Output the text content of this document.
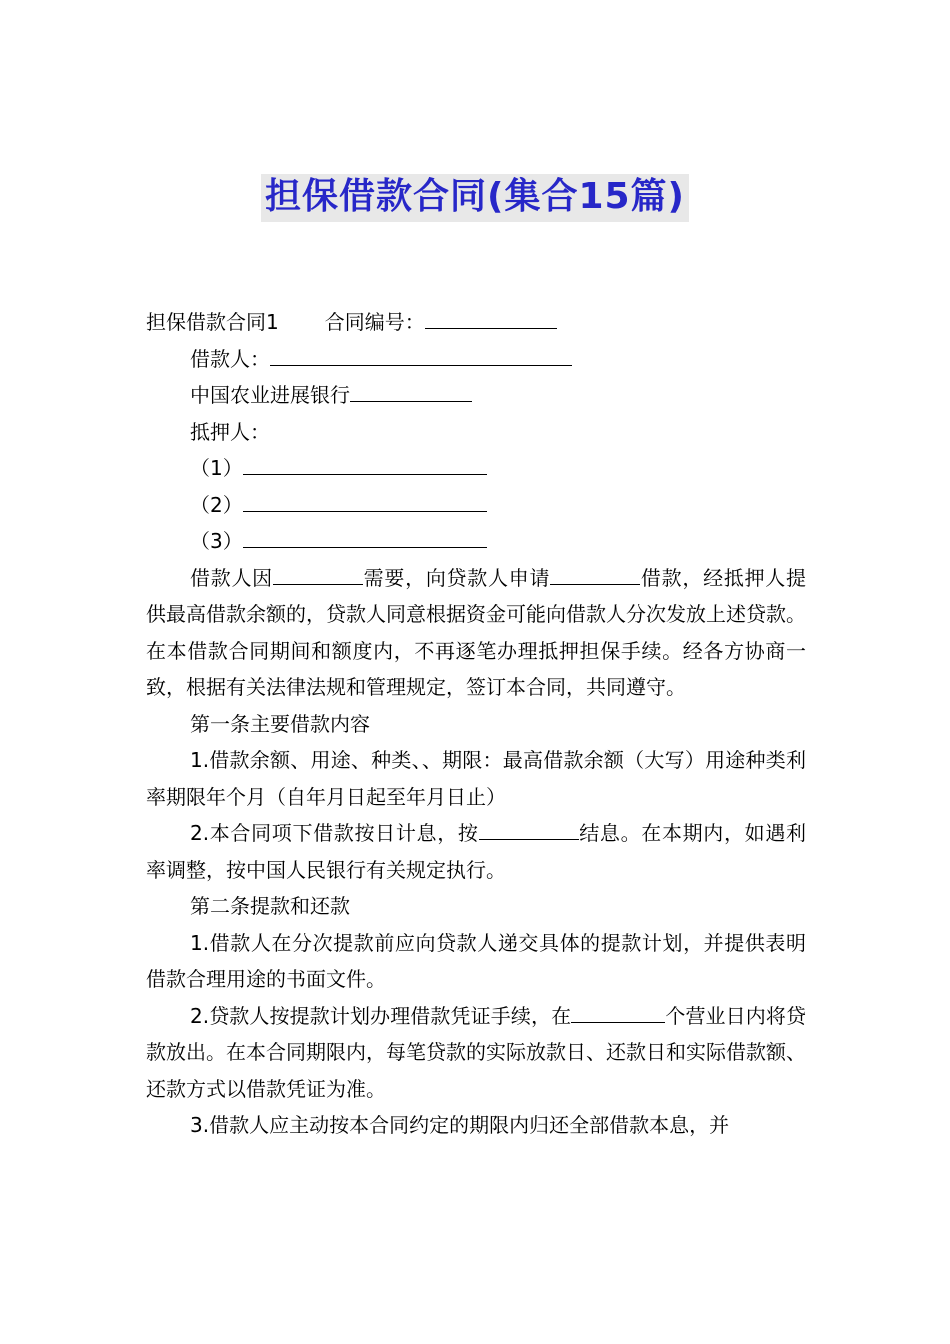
担保借款合同(集合15篇)

担保借款合同1 合同编号：

借款人：

中国农业进展银行

抵押人：

（1）

（2）

（3）

借款人因	需要，向贷款人申请	借款，经抵押人提供最高借款余额的，贷款人同意根据资金可能向借款人分次发放上述贷款。在本借款合同期间和额度内，不再逐笔办理抵押担保手续。经各方协商一致，根据有关法律法规和管理规定，签订本合同，共同遵守。

第一条主要借款内容

1.借款余额、用途、种类、、期限：最高借款余额（大写）用途种类利率期限年个月（自年月日起至年月日止）

2.本合同项下借款按日计息，按	结息。在本期内，如遇利率调整，按中国人民银行有关规定执行。

第二条提款和还款

1.借款人在分次提款前应向贷款人递交具体的提款计划，并提供表明借款合理用途的书面文件。

2.贷款人按提款计划办理借款凭证手续，在	个营业日内将贷款放出。在本合同期限内，每笔贷款的实际放款日、还款日和实际借款额、还款方式以借款凭证为准。

3.借款人应主动按本合同约定的期限内归还全部借款本息，并
